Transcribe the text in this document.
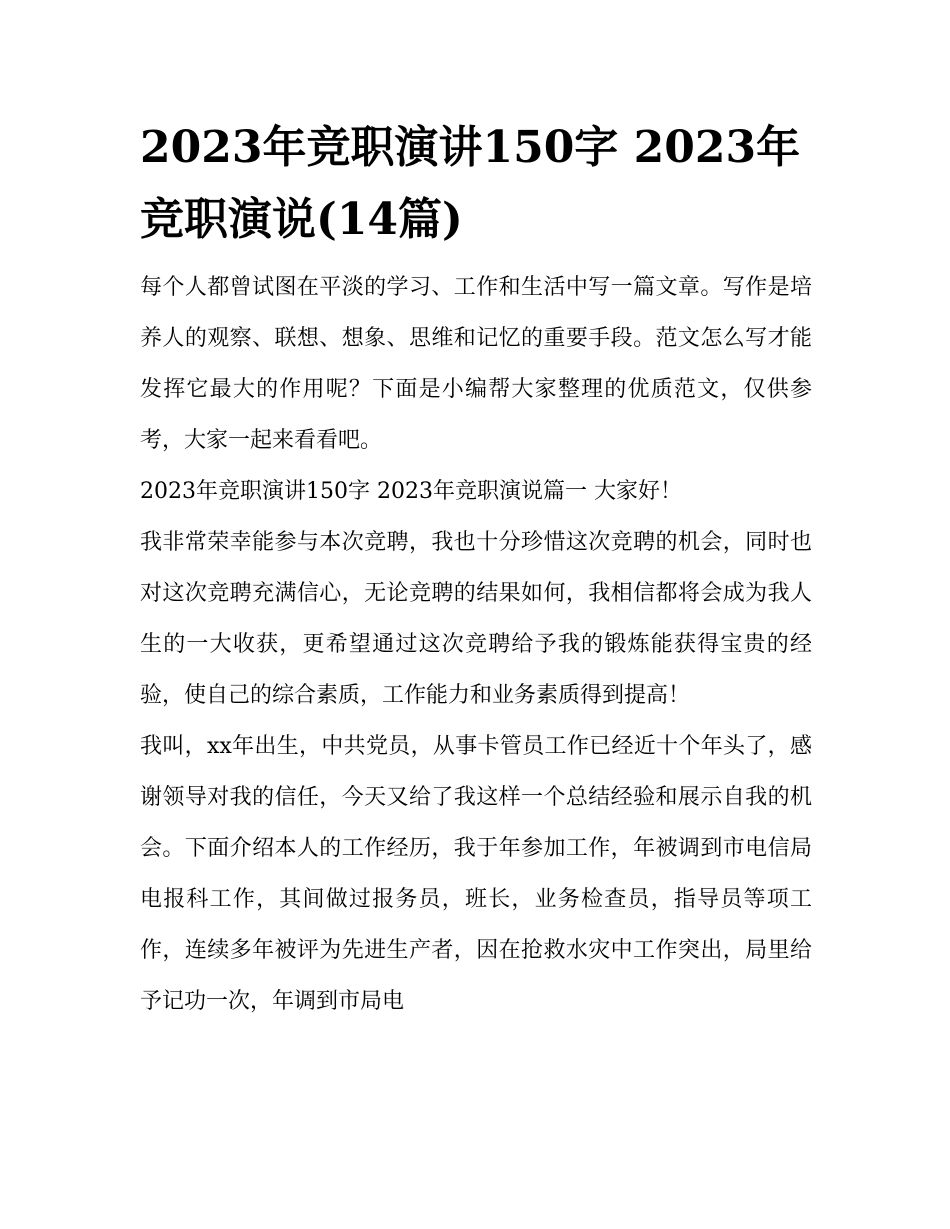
2023年竞职演讲150字 2023年竞职演说(14篇)

每个人都曾试图在平淡的学习、工作和生活中写一篇文章。写作是培养人的观察、联想、想象、思维和记忆的重要手段。范文怎么写才能发挥它最大的作用呢？下面是小编帮大家整理的优质范文，仅供参考，大家一起来看看吧。

2023年竞职演讲150字 2023年竞职演说篇一 大家好！

我非常荣幸能参与本次竞聘，我也十分珍惜这次竞聘的机会，同时也对这次竞聘充满信心，无论竞聘的结果如何，我相信都将会成为我人生的一大收获，更希望通过这次竞聘给予我的锻炼能获得宝贵的经验，使自己的综合素质，工作能力和业务素质得到提高！

我叫，xx年出生，中共党员，从事卡管员工作已经近十个年头了，感谢领导对我的信任，今天又给了我这样一个总结经验和展示自我的机会。下面介绍本人的工作经历，我于年参加工作，年被调到市电信局电报科工作，其间做过报务员，班长，业务检查员，指导员等项工作，连续多年被评为先进生产者，因在抢救水灾中工作突出，局里给予记功一次，年调到市局电
